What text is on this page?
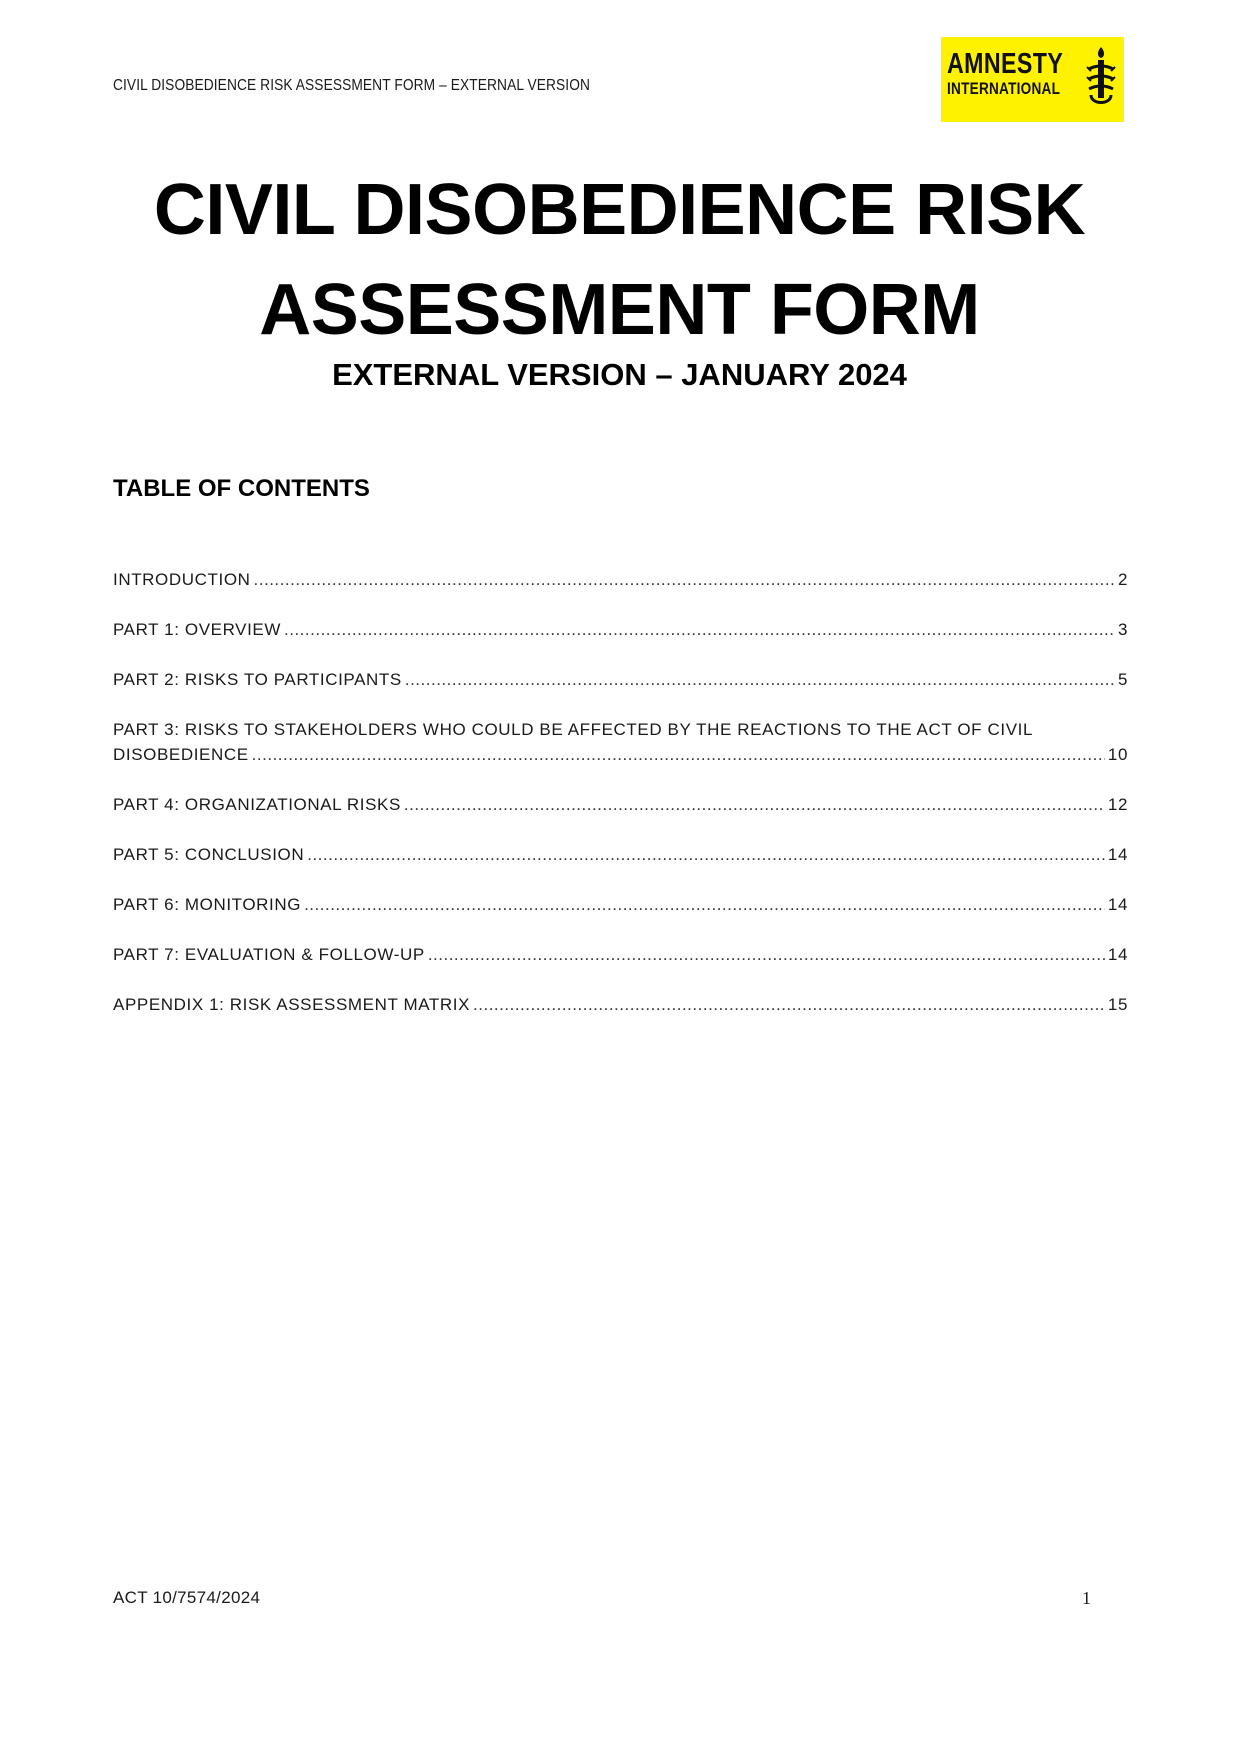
CIVIL DISOBEDIENCE RISK ASSESSMENT FORM – EXTERNAL VERSION
AMNESTY
INTERNATIONAL
CIVIL DISOBEDIENCE RISK
ASSESSMENT FORM
EXTERNAL VERSION – JANUARY 2024
TABLE OF CONTENTS
INTRODUCTION .....	2
PART 1: OVERVIEW .....	3
PART 2: RISKS TO PARTICIPANTS .....	5
PART 3: RISKS TO STAKEHOLDERS WHO COULD BE AFFECTED BY THE REACTIONS TO THE ACT OF CIVIL
DISOBEDIENCE .....	10
PART 4: ORGANIZATIONAL RISKS .....	12
PART 5: CONCLUSION .....	14
PART 6: MONITORING .....	14
PART 7: EVALUATION & FOLLOW-UP .....	14
APPENDIX 1: RISK ASSESSMENT MATRIX .....	15
ACT 10/7574/2024	1
